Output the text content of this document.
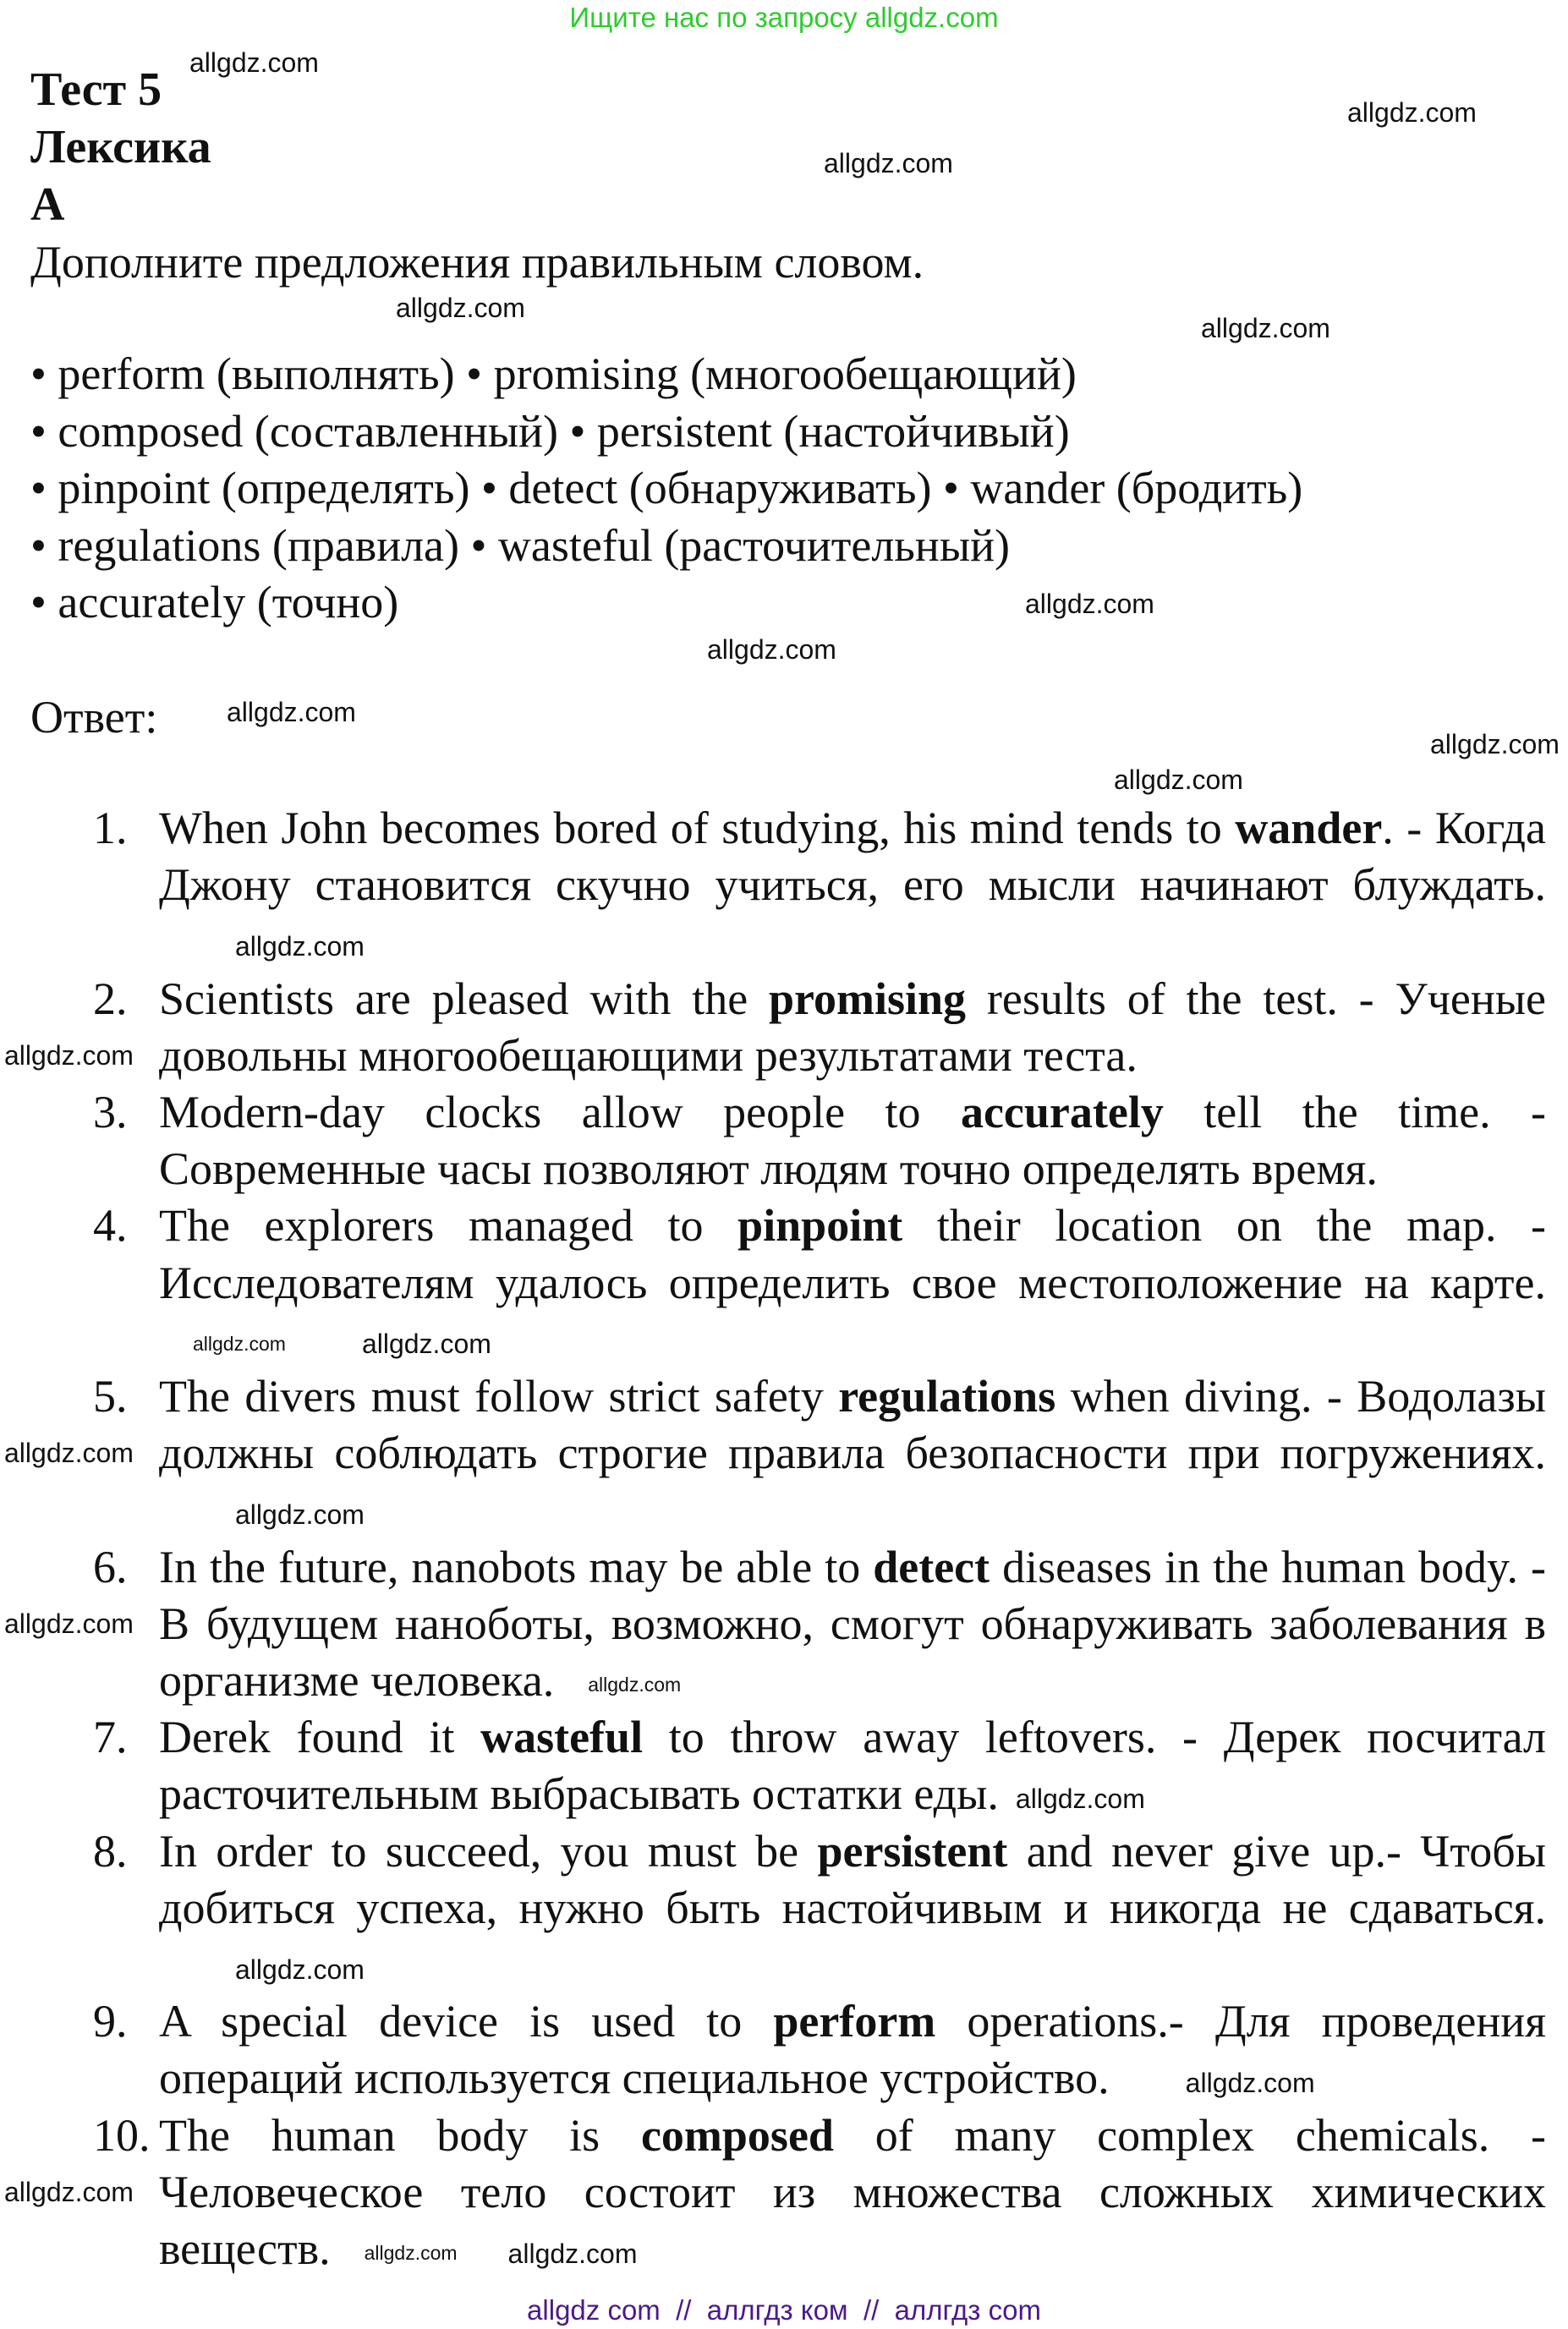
Ищите нас по запросу allgdz.com
Тест 5
Лексика
А
Дополните предложения правильным словом.
• perform (выполнять) • promising (многообещающий)
• composed (составленный) • persistent (настойчивый)
• pinpoint (определять) • detect (обнаруживать) • wander (бродить)
• regulations (правила) • wasteful (расточительный)
• accurately (точно)
Ответ:
1. When John becomes bored of studying, his mind tends to wander. - Когда Джону становится скучно учиться, его мысли начинают блуждать.allgdz.com
2.
allgdz.com
Scientists are pleased with the promising results of the test. - Ученые довольны многообещающими результатами теста.
3. Modern-day clocks allow people to accurately tell the time. - Современные часы позволяют людям точно определять время.
4. The explorers managed to pinpoint their location on the map. - Исследователям удалось определить свое местоположение на карте.allgdz.com	allgdz.com
5.
allgdz.com
The divers must follow strict safety regulations when diving. - Водолазы должны соблюдать строгие правила безопасности при погружениях.allgdz.com
6.
allgdz.com
In the future, nanobots may be able to detect diseases in the human body. - В будущем наноботы, возможно, смогут обнаруживать заболевания в организме человека. allgdz.com
7. Derek found it wasteful to throw away leftovers. - Дерек посчитал расточительным выбрасывать остатки еды. allgdz.com
8. In order to succeed, you must be persistent and never give up.- Чтобы добиться успеха, нужно быть настойчивым и никогда не сдаваться.allgdz.com
9. A special device is used to perform operations.- Для проведения операций используется специальное устройство.	allgdz.com
10.
allgdz.com
The human body is composed of many complex chemicals. - Человеческое тело состоит из множества сложных химических веществ. allgdz.com allgdz.com
allgdz.com
allgdz.com
allgdz.com
allgdz.com
allgdz.com
allgdz.com
allgdz.com
allgdz.com
allgdz.com
allgdz.com
allgdz com  //  аллгдз ком  //  аллгдз com
